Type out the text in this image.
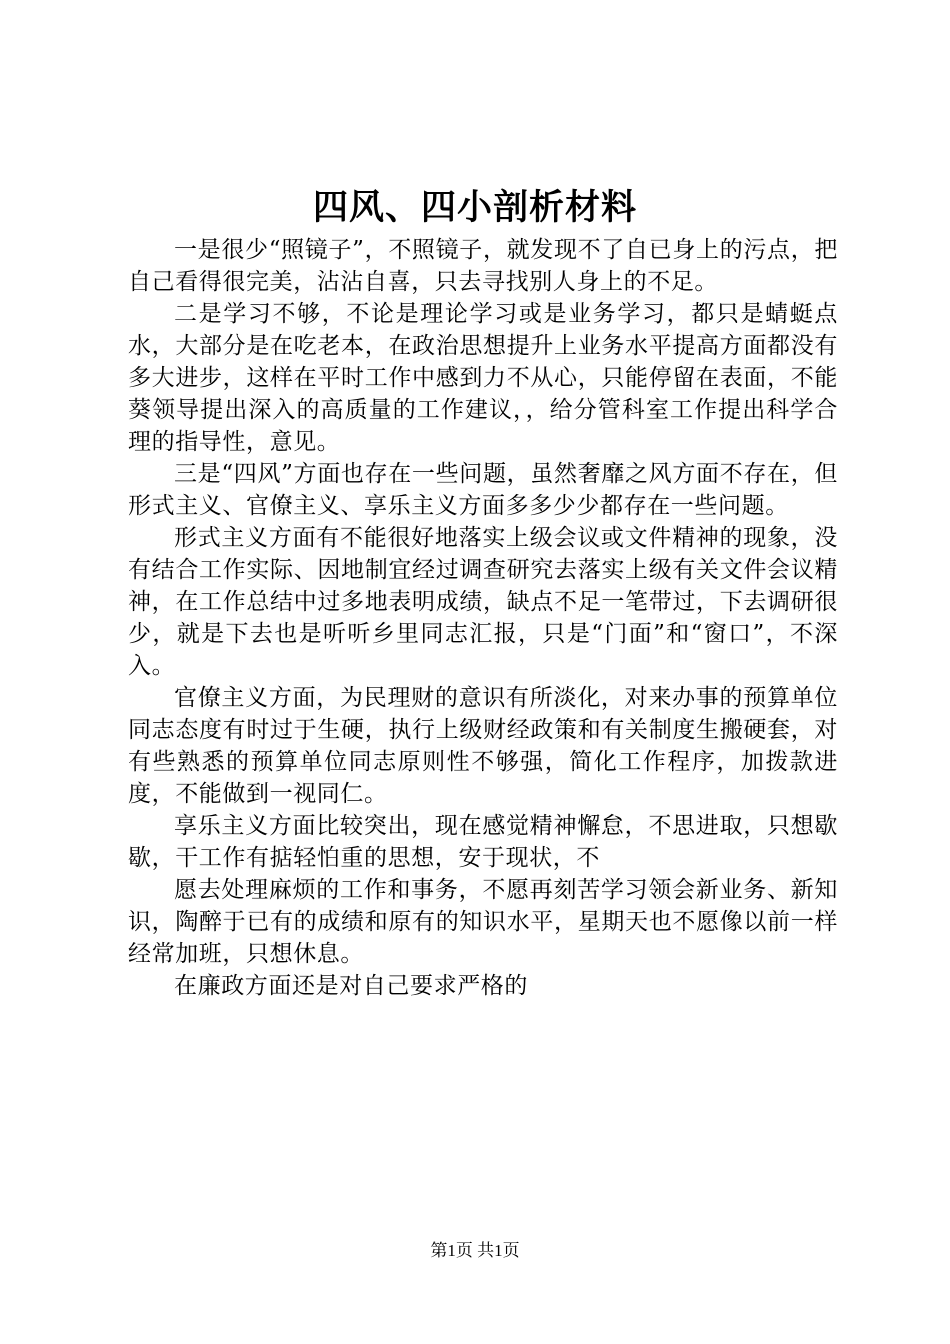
四风、四小剖析材料

一是很少“照镜子”，不照镜子，就发现不了自已身上的污点，把自己看得很完美，沾沾自喜，只去寻找别人身上的不足。

二是学习不够，不论是理论学习或是业务学习，都只是蜻蜓点水，大部分是在吃老本，在政治思想提升上业务水平提高方面都没有多大进步，这样在平时工作中感到力不从心，只能停留在表面，不能葵领导提出深入的高质量的工作建议，，给分管科室工作提出科学合理的指导性，意见。

三是“四风”方面也存在一些问题，虽然奢靡之风方面不存在，但形式主义、官僚主义、享乐主义方面多多少少都存在一些问题。

形式主义方面有不能很好地落实上级会议或文件精神的现象，没有结合工作实际、因地制宜经过调查研究去落实上级有关文件会议精神，在工作总结中过多地表明成绩，缺点不足一笔带过，下去调研很少，就是下去也是听听乡里同志汇报，只是“门面”和“窗口”，不深入。

官僚主义方面，为民理财的意识有所淡化，对来办事的预算单位同志态度有时过于生硬，执行上级财经政策和有关制度生搬硬套，对有些熟悉的预算单位同志原则性不够强，简化工作程序，加拨款进度，不能做到一视同仁。

享乐主义方面比较突出，现在感觉精神懈怠，不思进取，只想歇歇，干工作有掂轻怕重的思想，安于现状，不

愿去处理麻烦的工作和事务，不愿再刻苦学习领会新业务、新知识，陶醉于已有的成绩和原有的知识水平，星期天也不愿像以前一样经常加班，只想休息。

在廉政方面还是对自己要求严格的

第1页 共1页
